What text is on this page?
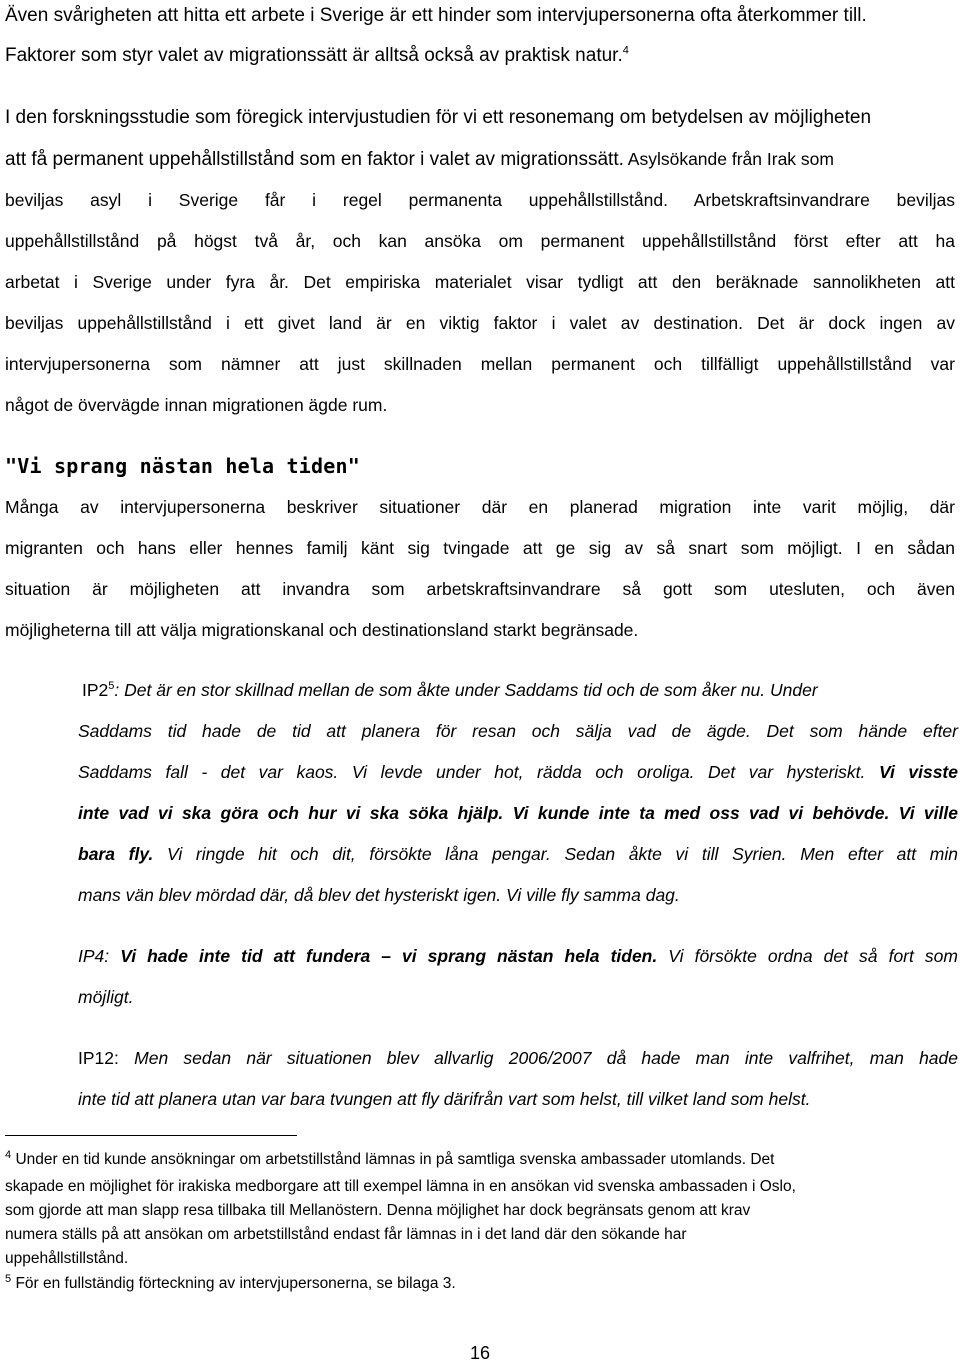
Även svårigheten att hitta ett arbete i Sverige är ett hinder som intervjupersonerna ofta återkommer till.
Faktorer som styr valet av migrationssätt är alltså också av praktisk natur.$^4$
I den forskningsstudie som föregick intervjustudien för vi ett resonemang om betydelsen av möjligheten
att få permanent uppehållstillstånd som en faktor i valet av migrationssätt. Asylsökande från Irak som
beviljas asyl i Sverige får i regel permanenta uppehållstillstånd. Arbetskraftsinvandrare beviljas
uppehållstillstånd på högst två år, och kan ansöka om permanent uppehållstillstånd först efter att ha
arbetat i Sverige under fyra år. Det empiriska materialet visar tydligt att den beräknade sannolikheten att
beviljas uppehållstillstånd i ett givet land är en viktig faktor i valet av destination. Det är dock ingen av
intervjupersonerna som nämner att just skillnaden mellan permanent och tillfälligt uppehållstillstånd var
något de övervägde innan migrationen ägde rum.
"Vi sprang nästan hela tiden"
Många av intervjupersonerna beskriver situationer där en planerad migration inte varit möjlig, där
migranten och hans eller hennes familj känt sig tvingade att ge sig av så snart som möjligt. I en sådan
situation är möjligheten att invandra som arbetskraftsinvandrare så gott som utesluten, och även
möjligheterna till att välja migrationskanal och destinationsland starkt begränsade.
$IP2^5$: Det är en stor skillnad mellan de som åkte under Saddams tid och de som åker nu. Under
Saddams tid hade de tid att planera för resan och sälja vad de ägde. Det som hände efter
Saddams fall - det var kaos. Vi levde under hot, rädda och oroliga. Det var hysteriskt. Vi visste
inte vad vi ska göra och hur vi ska söka hjälp. Vi kunde inte ta med oss vad vi behövde. Vi ville
bara fly. Vi ringde hit och dit, försökte låna pengar. Sedan åkte vi till Syrien. Men efter att min
mans vän blev mördad där, då blev det hysteriskt igen. Vi ville fly samma dag.
IP4: Vi hade inte tid att fundera – vi sprang nästan hela tiden. Vi försökte ordna det så fort som
möjligt.
IP12: Men sedan när situationen blev allvarlig 2006/2007 då hade man inte valfrihet, man hade
inte tid att planera utan var bara tvungen att fly därifrån vart som helst, till vilket land som helst.
$^4$ Under en tid kunde ansökningar om arbetstillstånd lämnas in på samtliga svenska ambassader utomlands. Det
skapade en möjlighet för irakiska medborgare att till exempel lämna in en ansökan vid svenska ambassaden i Oslo,
som gjorde att man slapp resa tillbaka till Mellanöstern. Denna möjlighet har dock begränsats genom att krav
numera ställs på att ansökan om arbetstillstånd endast får lämnas in i det land där den sökande har
uppehållstillstånd.
$^5$ För en fullständig förteckning av intervjupersonerna, se bilaga 3.
16
